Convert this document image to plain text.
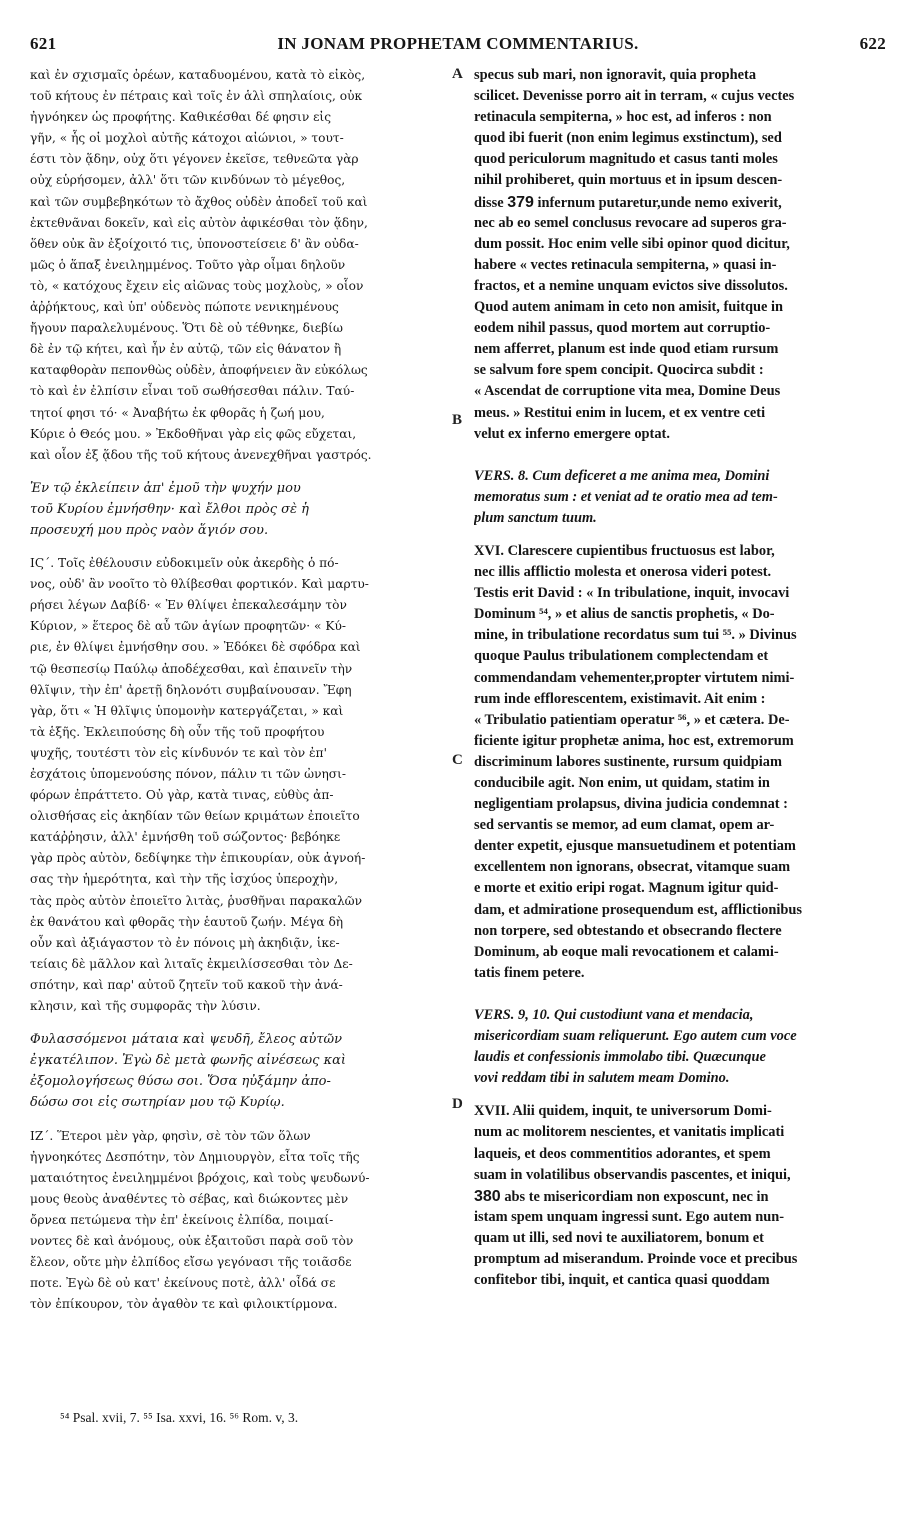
621	IN JONAM PROPHETAM COMMENTARIUS.	622
καὶ ἐν σχισμαῖς ὀρέων, καταδυομένου, κατὰ τὸ εἰκὸς,
τοῦ κήτους ἐν πέτραις καὶ τοῖς ἐν ἁλὶ σπηλαίοις, οὐκ
ἠγνόηκεν ὡς προφήτης. Καθικέσθαι δέ φησιν εἰς
γῆν, « ἧς οἱ μοχλοὶ αὐτῆς κάτοχοι αἰώνιοι, » τουτ-
έστι τὸν ᾅδην, οὐχ ὅτι γέγονεν ἐκεῖσε, τεθνεῶτα γὰρ
οὐχ εὑρήσομεν, ἀλλ' ὅτι τῶν κινδύνων τὸ μέγεθος,
καὶ τῶν συμβεβηκότων τὸ ἄχθος οὐδὲν ἀποδεῖ τοῦ καὶ
ἐκτεθνᾶναι δοκεῖν, καὶ εἰς αὐτὸν ἀφικέσθαι τὸν ᾅδην,
ὅθεν οὐκ ἂν ἐξοίχοιτό τις, ὑπονοστείσειε δ' ἂν οὐδα-
μῶς ὁ ἅπαξ ἐνειλημμένος. Τοῦτο γὰρ οἶμαι δηλοῦν
τὸ, « κατόχους ἔχειν εἰς αἰῶνας τοὺς μοχλοὺς, » οἷον
ἀῤῥήκτους, καὶ ὑπ' οὐδενὸς πώποτε νενικημένους
ἤγουν παραλελυμένους. Ὅτι δὲ οὐ τέθνηκε, διεβίω
δὲ ἐν τῷ κήτει, καὶ ἦν ἐν αὐτῷ, τῶν εἰς θάνατον ἢ
καταφθορὰν πεπονθὼς οὐδὲν, ἀποφήνειεν ἂν εὐκόλως
τὸ καὶ ἐν ἐλπίσιν εἶναι τοῦ σωθήσεσθαι πάλιν. Ταύ-
τητοί φησι τό· « Ἀναβήτω ἐκ φθορᾶς ἡ ζωή μου,
Κύριε ὁ Θεός μου. » Ἐκδοθῆναι γὰρ εἰς φῶς εὔχεται,
καὶ οἷον ἐξ ᾅδου τῆς τοῦ κήτους ἀνενεχθῆναι γαστρός.
Ἐν τῷ ἐκλείπειν ἀπ' ἐμοῦ τὴν ψυχήν μου
τοῦ Κυρίου ἐμνήσθην· καὶ ἔλθοι πρὸς σὲ ἡ
προσευχή μου πρὸς ναὸν ἅγιόν σου.
ΙϚ΄. Τοῖς ἐθέλουσιν εὐδοκιμεῖν οὐκ ἀκερδὴς ὁ πό-
νος, οὐδ' ἂν νοοῖτο τὸ θλίβεσθαι φορτικόν. Καὶ μαρτυ-
ρήσει λέγων Δαβίδ· « Ἐν θλίψει ἐπεκαλεσάμην τὸν
Κύριον, » ἕτερος δὲ αὖ τῶν ἁγίων προφητῶν· « Κύ-
ριε, ἐν θλίψει ἐμνήσθην σου. » Ἐδόκει δὲ σφόδρα καὶ
τῷ θεσπεσίῳ Παύλῳ ἀποδέχεσθαι, καὶ ἐπαινεῖν τὴν
θλῖψιν, τὴν ἐπ' ἀρετῇ δηλονότι συμβαίνουσαν. Ἔφη
γὰρ, ὅτι « Ἡ θλῖψις ὑπομονὴν κατεργάζεται, » καὶ
τὰ ἑξῆς. Ἐκλειπούσης δὴ οὖν τῆς τοῦ προφήτου
ψυχῆς, τουτέστι τὸν εἰς κίνδυνόν τε καὶ τὸν ἐπ'
ἐσχάτοις ὑπομενούσης πόνον, πάλιν τι τῶν ὠνησι-
φόρων ἐπράττετο. Οὐ γὰρ, κατὰ τινας, εὐθὺς ἀπ-
ολισθήσας εἰς ἀκηδίαν τῶν θείων κριμάτων ἐποιεῖτο
κατάῤῥησιν, ἀλλ' ἐμνήσθη τοῦ σώζοντος· βεβόηκε
γὰρ πρὸς αὐτὸν, δεδίψηκε τὴν ἐπικουρίαν, οὐκ ἀγνοή-
σας τὴν ἡμερότητα, καὶ τὴν τῆς ἰσχύος ὑπεροχὴν,
τὰς πρὸς αὐτὸν ἐποιεῖτο λιτὰς, ῥυσθῆναι παρακαλῶν
ἐκ θανάτου καὶ φθορᾶς τὴν ἑαυτοῦ ζωήν. Μέγα δὴ
οὖν καὶ ἀξιάγαστον τὸ ἐν πόνοις μὴ ἀκηδιᾷν, ἱκε-
τείαις δὲ μᾶλλον καὶ λιταῖς ἐκμειλίσσεσθαι τὸν Δε-
σπότην, καὶ παρ' αὐτοῦ ζητεῖν τοῦ κακοῦ τὴν ἀνά-
κλησιν, καὶ τῆς συμφορᾶς τὴν λύσιν.
Φυλασσόμενοι μάταια καὶ ψευδῆ, ἔλεος αὐτῶν
ἐγκατέλιπον. Ἐγὼ δὲ μετὰ φωνῆς αἰνέσεως καὶ
ἐξομολογήσεως θύσω σοι. Ὅσα ηὐξάμην ἀπο-
δώσω σοι εἰς σωτηρίαν μου τῷ Κυρίῳ.
ΙΖ΄. Ἕτεροι μὲν γὰρ, φησὶν, σὲ τὸν τῶν ὅλων
ἠγνοηκότες Δεσπότην, τὸν Δημιουργὸν, εἶτα τοῖς τῆς
ματαιότητος ἐνειλημμένοι βρόχοις, καὶ τοὺς ψευδωνύ-
μους θεοὺς ἀναθέντες τὸ σέβας, καὶ διώκοντες μὲν
ὄρνεα πετώμενα τὴν ἐπ' ἐκείνοις ἐλπίδα, ποιμαί-
νοντες δὲ καὶ ἀνόμους, οὐκ ἐξαιτοῦσι παρὰ σοῦ τὸν
ἔλεον, οὔτε μὴν ἐλπίδος εἴσω γεγόνασι τῆς τοιᾶσδε
ποτε. Ἐγὼ δὲ οὐ κατ' ἐκείνους ποτὲ, ἀλλ' οἶδά σε
τὸν ἐπίκουρον, τὸν ἀγαθὸν τε καὶ φιλοικτίρμονα.
specus sub mari, non ignoravit, quia propheta
scilicet. Devenisse porro ait in terram, « cujus vectes
retinacula sempiterna, » hoc est, ad inferos : non
quod ibi fuerit (non enim legimus exstinctum), sed
quod periculorum magnitudo et casus tanti moles
nihil prohiberet, quin mortuus et in ipsum descen-
disse 379 infernum putaretur,unde nemo exiverit,
nec ab eo semel conclusus revocare ad superos gra-
dum possit. Hoc enim velle sibi opinor quod dicitur,
habere « vectes retinacula sempiterna, » quasi in-
fractos, et a nemine unquam evictos sive dissolutos.
Quod autem animam in ceto non amisit, fuitque in
eodem nihil passus, quod mortem aut corruptio-
nem afferret, planum est inde quod etiam rursum
se salvum fore spem concipit. Quocirca subdit :
« Ascendat de corruptione vita mea, Domine Deus
meus. » Restitui enim in lucem, et ex ventre ceti
velut ex inferno emergere optat.
VERS. 8. Cum deficeret a me anima mea, Domini
memoratus sum : et veniat ad te oratio mea ad tem-
plum sanctum tuum.
XVI. Clarescere cupientibus fructuosus est labor,
nec illis afflictio molesta et onerosa videri potest.
Testis erit David : « In tribulatione, inquit, invocavi
Dominum ⁵⁴, » et alius de sanctis prophetis, « Do-
mine, in tribulatione recordatus sum tui ⁵⁵. » Divinus
quoque Paulus tribulationem complectendam et
commendandam vehementer,propter virtutem nimi-
rum inde efflorescentem, existimavit. Ait enim :
« Tribulatio patientiam operatur ⁵⁶, » et cætera. De-
ficiente igitur prophetæ anima, hoc est, extremorum
discriminum labores sustinente, rursum quidpiam
conducibile agit. Non enim, ut quidam, statim in
negligentiam prolapsus, divina judicia condemnat :
sed servantis se memor, ad eum clamat, opem ar-
denter expetit, ejusque mansuetudinem et potentiam
excellentem non ignorans, obsecrat, vitamque suam
e morte et exitio eripi rogat. Magnum igitur quid-
dam, et admiratione prosequendum est, afflictionibus
non torpere, sed obtestando et obsecrando flectere
Dominum, ab eoque mali revocationem et calami-
tatis finem petere.
VERS. 9, 10. Qui custodiunt vana et mendacia,
misericordiam suam reliquerunt. Ego autem cum voce
laudis et confessionis immolabo tibi. Quæcunque
vovi reddam tibi in salutem meam Domino.
XVII. Alii quidem, inquit, te universorum Domi-
num ac molitorem nescientes, et vanitatis implicati
laqueis, et deos commentitios adorantes, et spem
suam in volatilibus observandis pascentes, et iniqui,
380 abs te misericordiam non exposcunt, nec in
istam spem unquam ingressi sunt. Ego autem nun-
quam ut illi, sed novi te auxiliatorem, bonum et
promptum ad miserandum. Proinde voce et precibus
confitebor tibi, inquit, et cantica quasi quoddam
A
B
C
D
⁵⁴ Psal. xvii, 7. ⁵⁵ Isa. xxvi, 16. ⁵⁶ Rom. v, 3.
